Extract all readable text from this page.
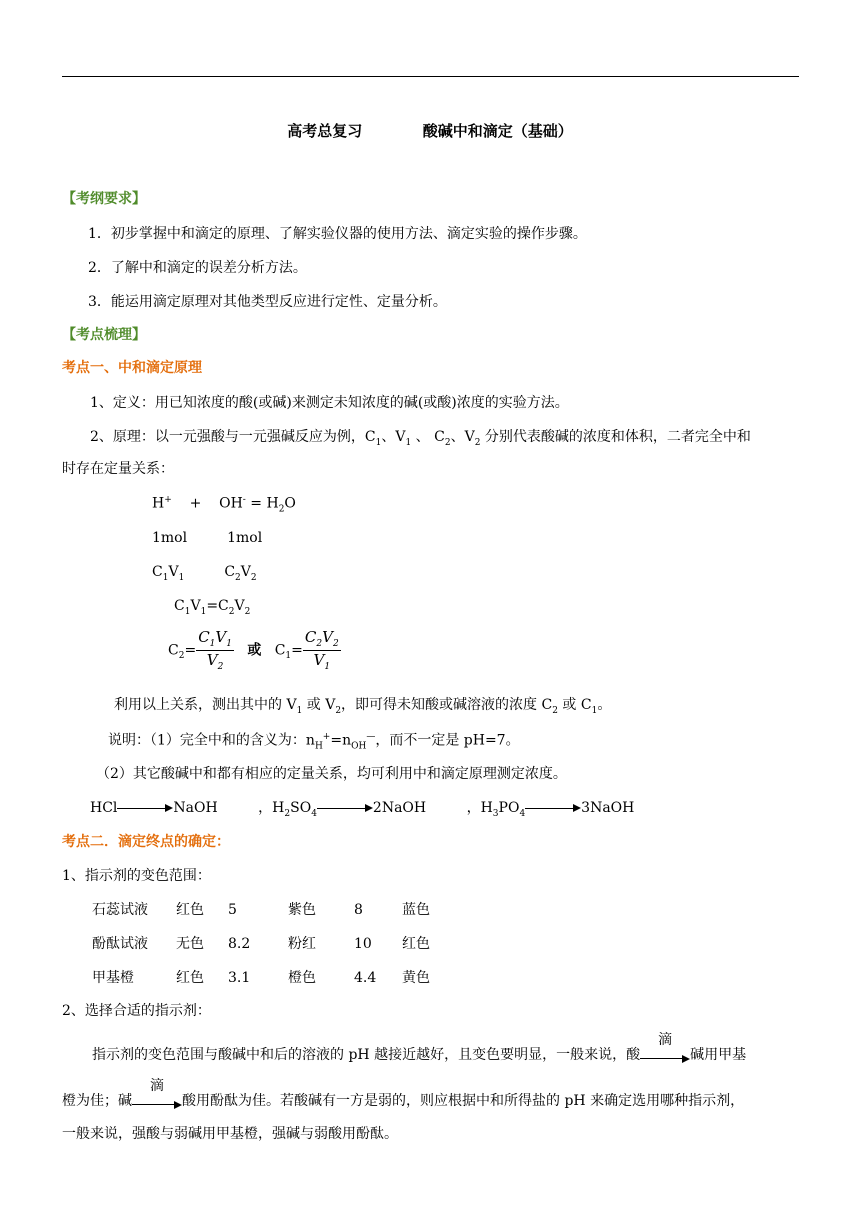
高考总复习	酸碱中和滴定（基础）
【考纲要求】
1．初步掌握中和滴定的原理、了解实验仪器的使用方法、滴定实验的操作步骤。
2．了解中和滴定的误差分析方法。
3．能运用滴定原理对其他类型反应进行定性、定量分析。
【考点梳理】
考点一、中和滴定原理
1、定义：用已知浓度的酸(或碱)来测定未知浓度的碱(或酸)浓度的实验方法。
2、原理：以一元强酸与一元强碱反应为例，$C_1$、$V_1$ 、 $C_2$、$V_2$ 分别代表酸碱的浓度和体积，二者完全中和
时存在定量关系：
H+    +    $OH^- = H_2O$
1mol	1mol
$C_1V_1$	$C_2V_2$
$C_1V_1=C_2V_2$
$C_2= \frac{C_1V_1}{V_2}$ 或   $C_1= \frac{C_2V_2}{V_1}$
利用以上关系，测出其中的 $V_1$ 或 $V_2$，即可得未知酸或碱溶液的浓度 $C_2$ 或 $C_1$。
说明：（1）完全中和的含义为：$n_H^+=n_{OH}^—$，而不一定是 pH=7。
（2）其它酸碱中和都有相应的定量关系，均可利用中和滴定原理测定浓度。
HCl	NaOH	，$H_2SO_4$	2NaOH	，$H_3PO_4$	3NaOH
考点二．滴定终点的确定：
1、指示剂的变色范围：
石蕊试液 红色 5	紫色	8	蓝色
酚酞试液 无色 8.2	粉红	10 红色
甲基橙	红色 3.1	橙色	4.4 黄色
2、选择合适的指示剂：
指示剂的变色范围与酸碱中和后的溶液的 pH 越接近越好，且变色要明显，一般来说，酸
滴
碱用甲基
橙为佳；碱
滴
酸用酚酞为佳。若酸碱有一方是弱的，则应根据中和所得盐的 pH 来确定选用哪种指示剂，
一般来说，强酸与弱碱用甲基橙，强碱与弱酸用酚酞。
